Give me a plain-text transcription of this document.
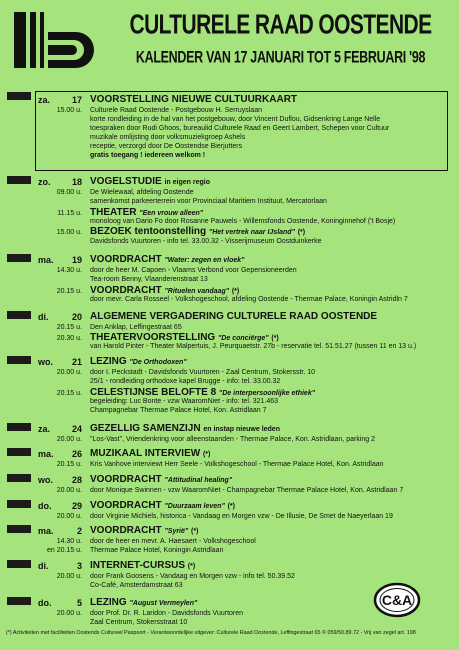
CULTURELE RAAD OOSTENDE
KALENDER VAN 17 JANUARI TOT 5 FEBRUARI '98
za.	17 VOORSTELLING NIEUWE CULTUURKAART
15.00 u. Culturele Raad Oostende - Postgebouw H. Serruyslaan
korte rondleiding in de hal van het postgebouw, door Vincent Duflou, Gidsenkring Lange Nelle
toespraken door Rudi Ghoos, bureaulid Culturele Raad en Geert Lambert, Schepen voor Cultuur
muzikale omlijsting door volksmuziekgroep Ashels
receptie, verzorgd door De Oostendse Bierjutters
gratis toegang ! iedereen welkom !
zo.	18 VOGELSTUDIE in eigen regio
09.00 u. De Wielewaal, afdeling Oostende
samenkomst parkeerterrein voor Provinciaal Maritiem Instituut, Mercatorlaan
11.15 u. THEATER "Een vrouw alleen"
monoloog van Dario Fo door Rosanne Pauwels - Willemsfonds Oostende, Koninginnehof ('t Bosje)
15.00 u. BEZOEK tentoonstelling "Het vertrek naar IJsland" (*)
Davidsfonds Vuurtoren - info tel. 33.00.32 - Visserijmuseum Oostduinkerke
ma.	19 VOORDRACHT "Water: zegen en vloek"
14.30 u. door de heer M. Capoen - Vlaams Verbond voor Gepensioneerden
Tea-room Benny, Vlaanderenstraat 13
20.15 u. VOORDRACHT "Rituelen vandaag" (*)
door mevr. Carla Rosseel - Volkshogeschool, afdeling Oostende - Thermae Palace, Koningin Astridln 7
di.	20 ALGEMENE VERGADERING CULTURELE RAAD OOSTENDE
20.15 u. Den Anklap, Leffingestraat 65
20.30 u. THEATERVOORSTELLING "De conciërge" (*)
van Harold Pinter - Theater Malpertuis, J. Peurquaetstr. 27b - reservatie tel. 51.51.27 (tussen 11 en 13 u.)
wo.	21 LEZING "De Orthodoxen"
20.00 u. door I. Peckstadt - Davidsfonds Vuurtoren - Zaal Centrum, Stokersstr. 10
25/1 - rondleiding orthodoxe kapel Brugge - info: tel. 33.00.32
20.15 u. CELESTIJNSE BELOFTE 8 "De interpersoonlijke ethiek"
begeleiding: Luc Bonte - vzw WaaromNiet - info: tel. 321.463
Champagnebar Thermae Palace Hotel, Kon. Astridlaan 7
za.	24 GEZELLIG SAMENZIJN en instap nieuwe leden
20.00 u. "Los-Vast", Vriendenkring voor alleenstaanden - Thermae Palace, Kon. Astridlaan, parking 2
ma.	26 MUZIKAAL INTERVIEW (*)
20.15 u. Kris Vanhove interviewt Herr Seele - Volkshogeschool - Thermae Palace Hotel, Kon. Astridlaan
wo.	28 VOORDRACHT "Attitudinal healing"
20.00 u. door Monique Swinnen - vzw WaaromNiet - Champagnebar Thermae Palace Hotel, Kon. Astridlaan 7
do.	29 VOORDRACHT "Duurzaam leven" (*)
20.00 u. door Virginie Michiels, historica - Vandaag en Morgen vzw - De Illusie, De Smet de Naeyerlaan 19
ma.	2 VOORDRACHT "Syrië" (*)
14.30 u. door de heer en mevr. A. Haesaert - Volkshogeschool
en 20.15 u. Thermae Palace Hotel, Koningin Astridlaan
di.	3 INTERNET-CURSUS (*)
20.00 u. door Frank Goosens - Vandaag en Morgen vzw - info tel. 50.39.52
Co-Café, Amsterdamstraat 63
do.	5 LEZING "August Vermeylen"
20.00 u. door Prof. Dr. R. Laridon - Davidsfonds Vuurtoren
Zaal Centrum, Stokersstraat 10
C&A
(*) Activiteiten met faciliteiten Oostends Cultureel Paspoort - Verantwoordelijke uitgever: Culturele Raad Oostende, Leffingestraat 65 © 059/50.89.72 - Vrij van zegel art. 198
